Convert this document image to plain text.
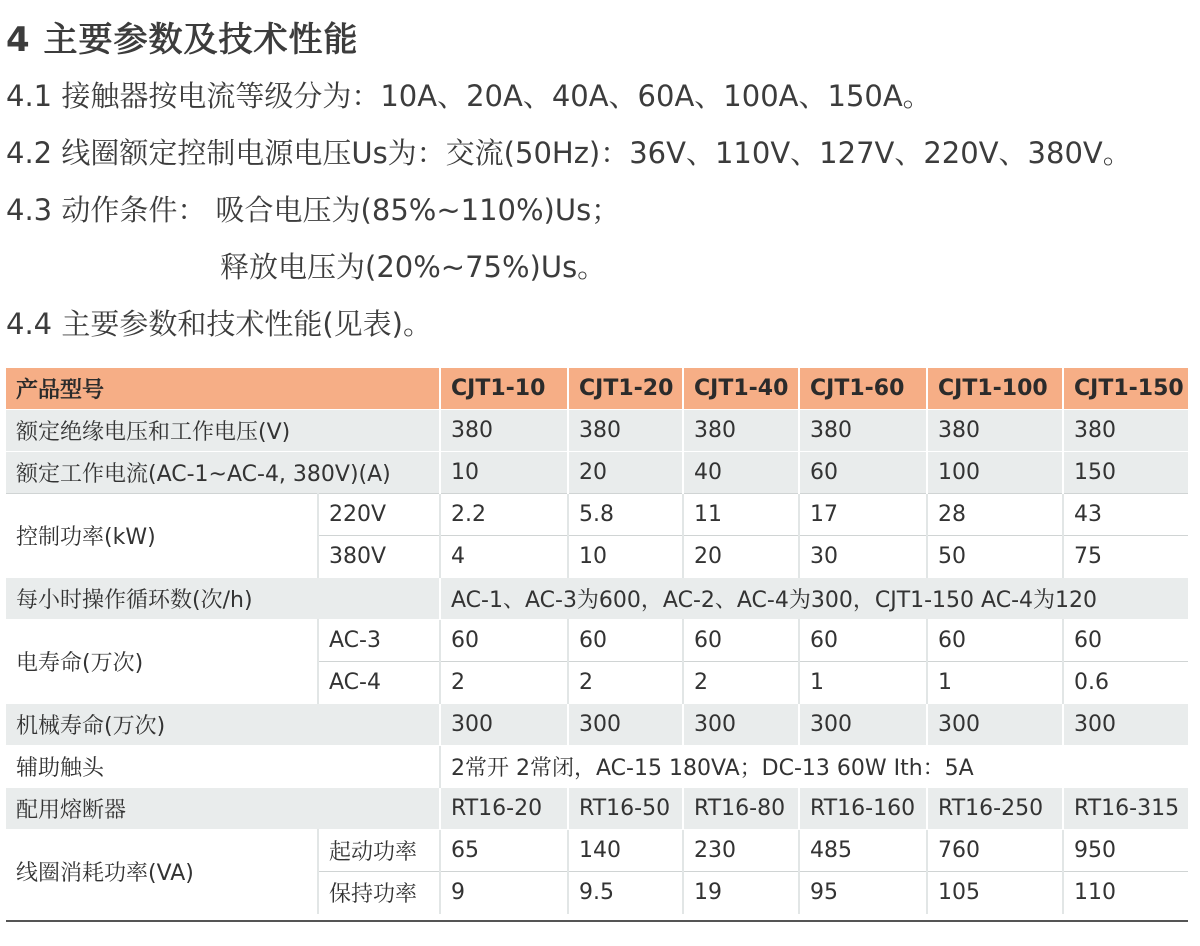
4 主要参数及技术性能
4.1 接触器按电流等级分为：10A、20A、40A、60A、100A、150A。
4.2 线圈额定控制电源电压Us为：交流(50Hz)：36V、110V、127V、220V、380V。
4.3 动作条件： 吸合电压为(85%~110%)Us；
释放电压为(20%~75%)Us。
4.4 主要参数和技术性能(见表)。
产品型号		CJT1-10	CJT1-20	CJT1-40	CJT1-60	CJT1-100	CJT1-150
额定绝缘电压和工作电压(V)		380	380	380	380	380	380
额定工作电流(AC-1~AC-4, 380V)(A)		10	20	40	60	100	150
控制功率(kW)	220V	2.2	5.8	11	17	28	43
	380V	4	10	20	30	50	75
每小时操作循环数(次/h)		AC-1、AC-3为600，AC-2、AC-4为300，CJT1-150 AC-4为120					
电寿命(万次)	AC-3	60	60	60	60	60	60
	AC-4	2	2	2	1	1	0.6
机械寿命(万次)		300	300	300	300	300	300
辅助触头		2常开 2常闭，AC-15 180VA；DC-13 60W Ith：5A					
配用熔断器		RT16-20	RT16-50	RT16-80	RT16-160	RT16-250	RT16-315
线圈消耗功率(VA)	起动功率	65	140	230	485	760	950
	保持功率	9	9.5	19	95	105	110
